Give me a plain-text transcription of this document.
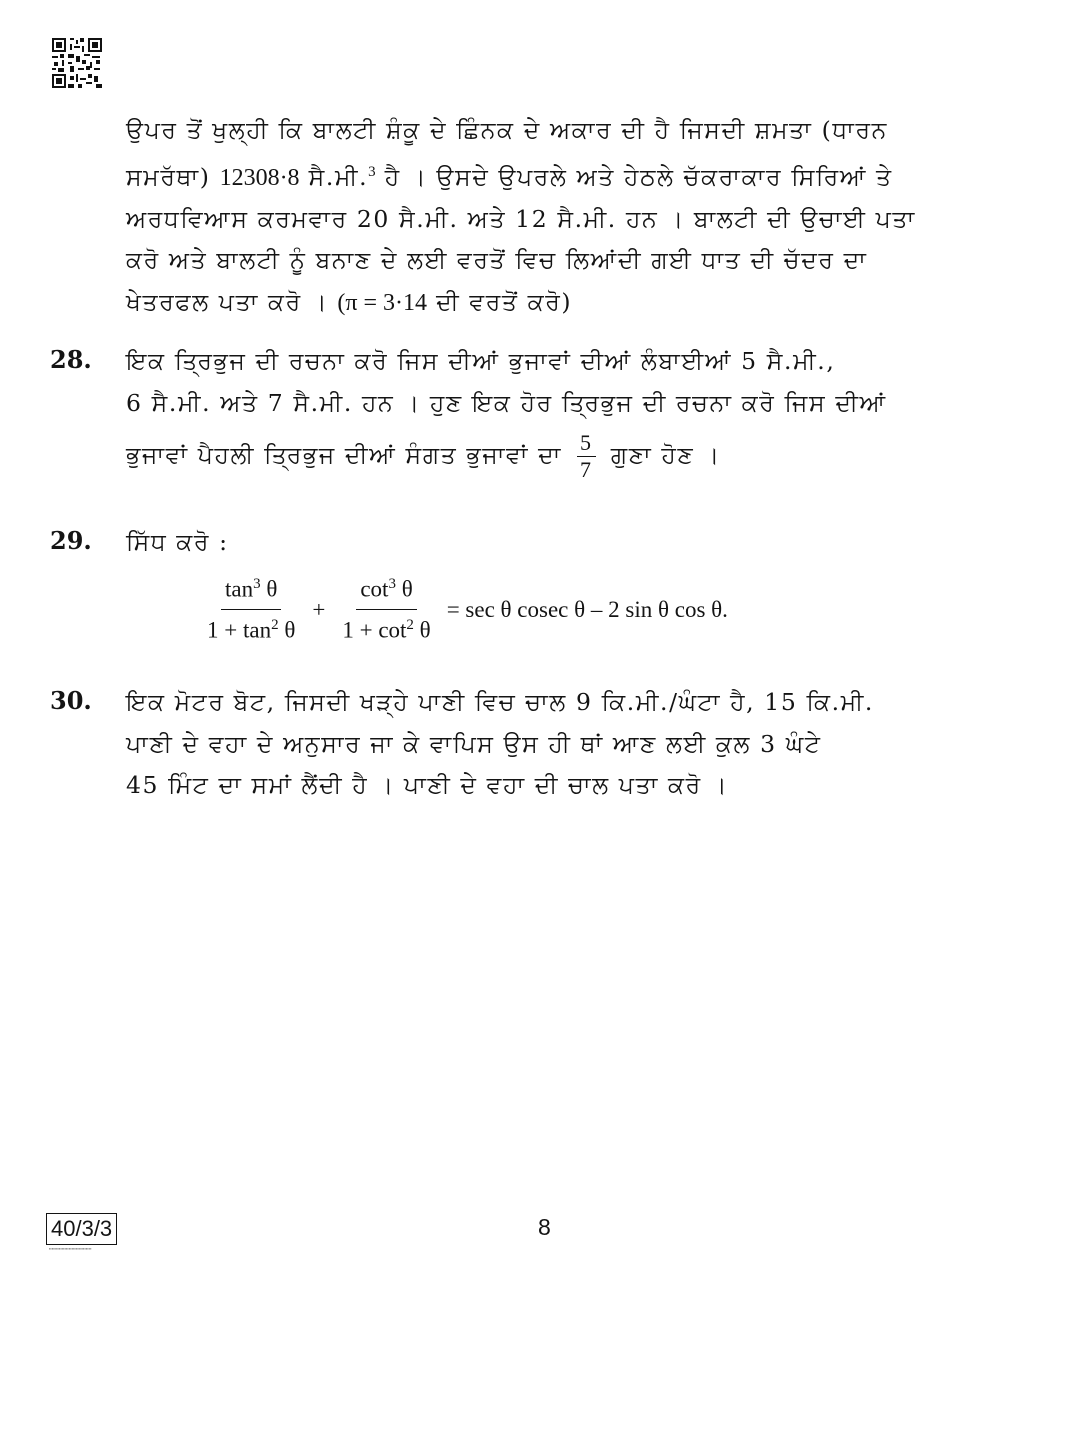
ਉਪਰ ਤੋਂ ਖੁਲ੍ਹੀ ਕਿ ਬਾਲਟੀ ਸ਼ੰਕੂ ਦੇ ਛਿੰਨਕ ਦੇ ਅਕਾਰ ਦੀ ਹੈ ਜਿਸਦੀ ਸ਼ਮਤਾ (ਧਾਰਨ
ਸਮਰੱਥਾ) 12308·8 ਸੈ.ਮੀ.$^3$ ਹੈ । ਉਸਦੇ ਉਪਰਲੇ ਅਤੇ ਹੇਠਲੇ ਚੱਕਰਾਕਾਰ ਸਿਰਿਆਂ ਤੇ
ਅਰਧਵਿਆਸ ਕਰਮਵਾਰ 20 ਸੈ.ਮੀ. ਅਤੇ 12 ਸੈ.ਮੀ. ਹਨ । ਬਾਲਟੀ ਦੀ ਉਚਾਈ ਪਤਾ
ਕਰੋ ਅਤੇ ਬਾਲਟੀ ਨੂੰ ਬਨਾਣ ਦੇ ਲਈ ਵਰਤੋਂ ਵਿਚ ਲਿਆਂਦੀ ਗਈ ਧਾਤ ਦੀ ਚੱਦਰ ਦਾ
ਖੇਤਰਫਲ ਪਤਾ ਕਰੋ । (π = 3·14 ਦੀ ਵਰਤੋਂ ਕਰੋ)
28. ਇਕ ਤ੍ਰਿਭੁਜ ਦੀ ਰਚਨਾ ਕਰੋ ਜਿਸ ਦੀਆਂ ਭੁਜਾਵਾਂ ਦੀਆਂ ਲੰਬਾਈਆਂ 5 ਸੈ.ਮੀ.,
6 ਸੈ.ਮੀ. ਅਤੇ 7 ਸੈ.ਮੀ. ਹਨ । ਹੁਣ ਇਕ ਹੋਰ ਤ੍ਰਿਭੁਜ ਦੀ ਰਚਨਾ ਕਰੋ ਜਿਸ ਦੀਆਂ
ਭੁਜਾਵਾਂ ਪੈਹਲੀ ਤ੍ਰਿਭੁਜ ਦੀਆਂ ਸੰਗਤ ਭੁਜਾਵਾਂ ਦਾ $\frac{5}{7}$ ਗੁਣਾ ਹੋਣ ।
29. ਸਿੱਧ ਕਰੋ :
$\tan^3 \theta$
$1 + \tan^2 \theta$
+ $\frac{\cot^3 \theta}{1 + \cot^2 \theta} = \sec \theta$ cosec θ – 2 sin θ cos θ.
30. ਇਕ ਮੋਟਰ ਬੋਟ, ਜਿਸਦੀ ਖੜ੍ਹੇ ਪਾਣੀ ਵਿਚ ਚਾਲ 9 ਕਿ.ਮੀ./ਘੰਟਾ ਹੈ, 15 ਕਿ.ਮੀ.
ਪਾਣੀ ਦੇ ਵਹਾ ਦੇ ਅਨੁਸਾਰ ਜਾ ਕੇ ਵਾਪਿਸ ਉਸ ਹੀ ਥਾਂ ਆਣ ਲਈ ਕੁਲ 3 ਘੰਟੇ
45 ਮਿੰਟ ਦਾ ਸਮਾਂ ਲੈਂਦੀ ਹੈ । ਪਾਣੀ ਦੇ ਵਹਾ ਦੀ ਚਾਲ ਪਤਾ ਕਰੋ ।
40/3/3
▪▪▪▪▪▪▪▪▪▪▪▪▪▪▪▪▪▪▪▪▪▪▪▪▪▪▪▪▪▪
8
